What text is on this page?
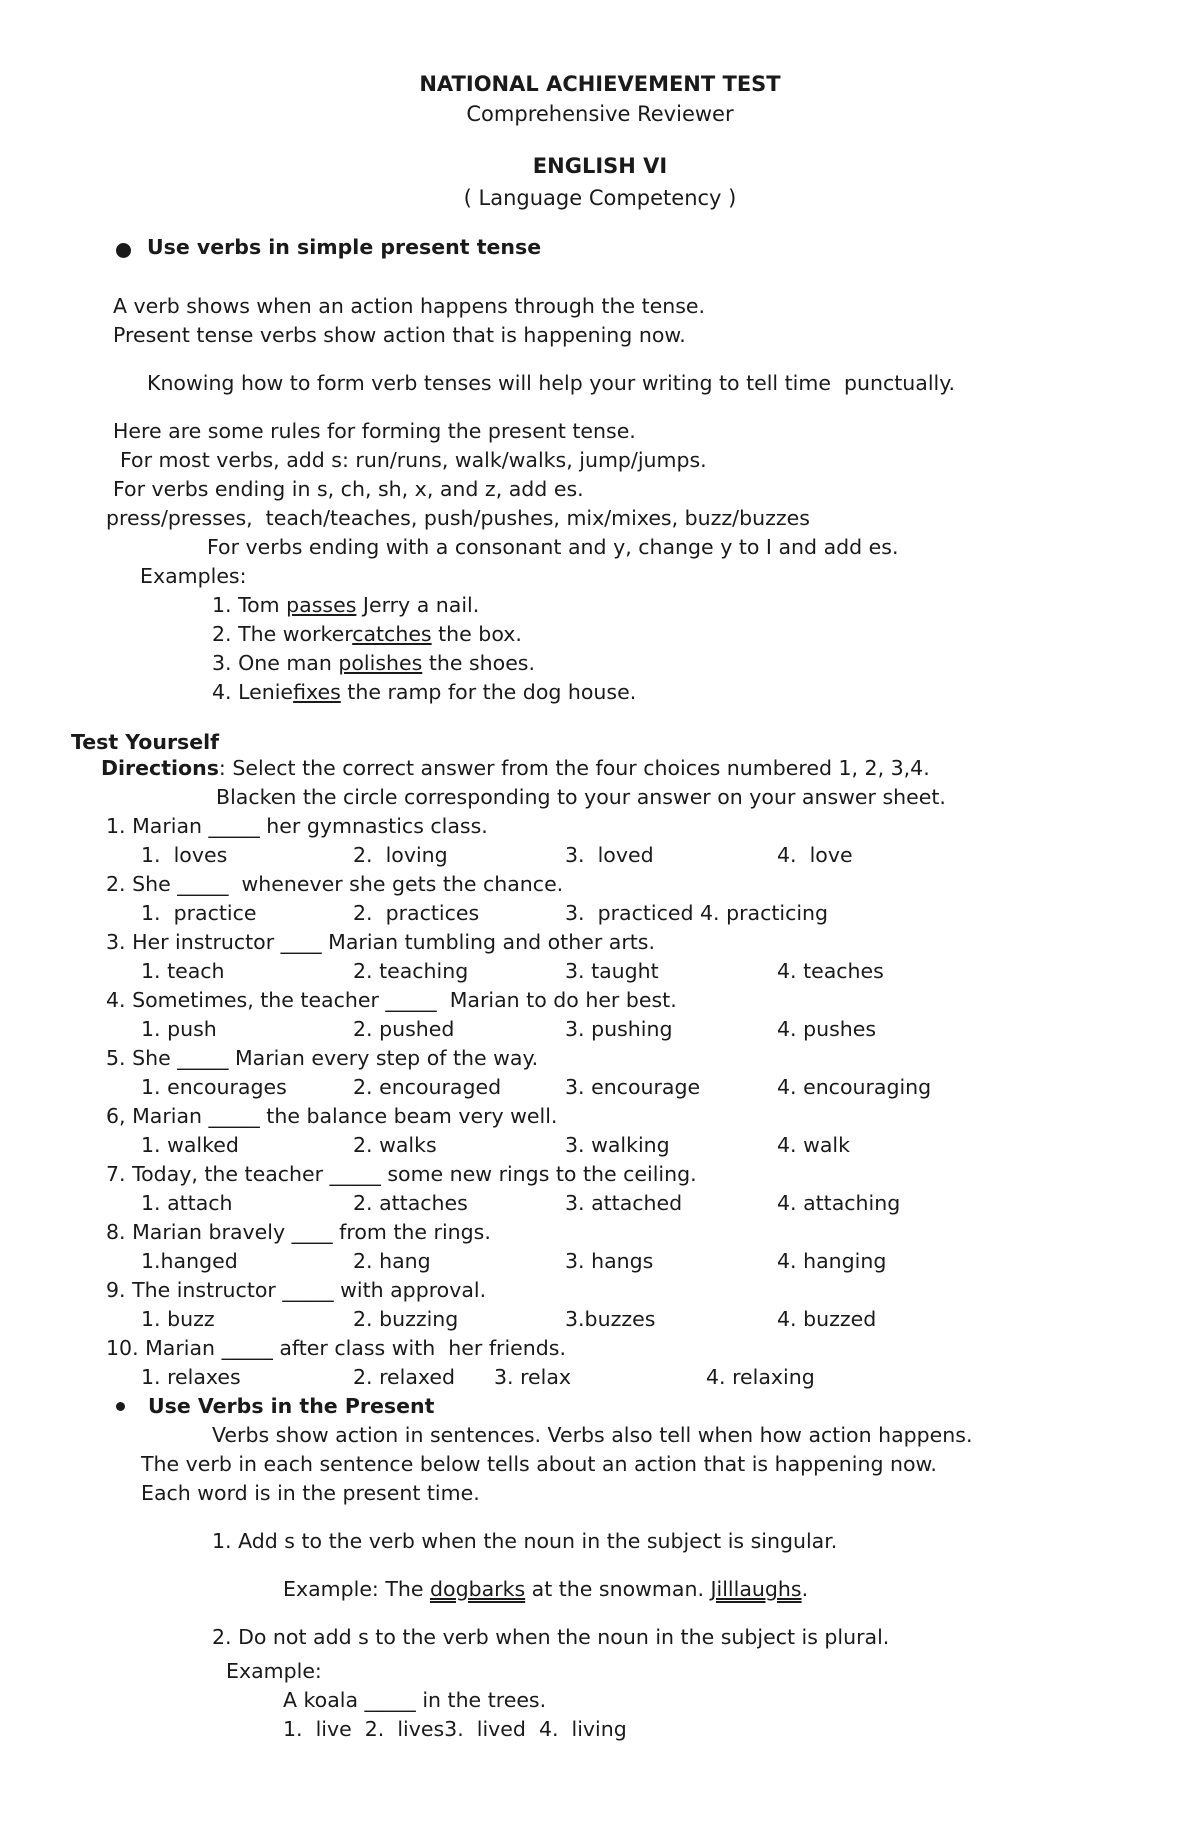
NATIONAL ACHIEVEMENT TEST
Comprehensive Reviewer
ENGLISH VI
( Language Competency )
Use verbs in simple present tense
A verb shows when an action happens through the tense.
Present tense verbs show action that is happening now.
Knowing how to form verb tenses will help your writing to tell time  punctually.
Here are some rules for forming the present tense.
For most verbs, add s: run/runs, walk/walks, jump/jumps.
For verbs ending in s, ch, sh, x, and z, add es.
press/presses,  teach/teaches, push/pushes, mix/mixes, buzz/buzzes
For verbs ending with a consonant and y, change y to I and add es.
Examples:
1. Tom passes Jerry a nail.
2. The workercatches the box.
3. One man polishes the shoes.
4. Leniefixes the ramp for the dog house.
Test Yourself
Directions: Select the correct answer from the four choices numbered 1, 2, 3,4.
Blacken the circle corresponding to your answer on your answer sheet.
1. Marian _____ her gymnastics class.
1.  loves	2.  loving	3.  loved	4.  love
2. She _____  whenever she gets the chance.
1.  practice	2.  practices	3.  practiced 4. practicing
3. Her instructor ____ Marian tumbling and other arts.
1. teach	2. teaching	3. taught	4. teaches
4. Sometimes, the teacher _____  Marian to do her best.
1. push	2. pushed	3. pushing	4. pushes
5. She _____ Marian every step of the way.
1. encourages	2. encouraged	3. encourage	4. encouraging
6, Marian _____ the balance beam very well.
1. walked	2. walks	3. walking	4. walk
7. Today, the teacher _____ some new rings to the ceiling.
1. attach	2. attaches	3. attached	4. attaching
8. Marian bravely ____ from the rings.
1.hanged	2. hang	3. hangs	4. hanging
9. The instructor _____ with approval.
1. buzz	2. buzzing	3.buzzes	4. buzzed
10. Marian _____ after class with  her friends.
1. relaxes	2. relaxed 3. relax	4. relaxing
Use Verbs in the Present
Verbs show action in sentences. Verbs also tell when how action happens.
The verb in each sentence below tells about an action that is happening now.
Each word is in the present time.
1. Add s to the verb when the noun in the subject is singular.
Example: The dogbarks at the snowman. Jilllaughs.
2. Do not add s to the verb when the noun in the subject is plural.
Example:
A koala _____ in the trees.
1.  live  2.  lives3.  lived  4.  living
